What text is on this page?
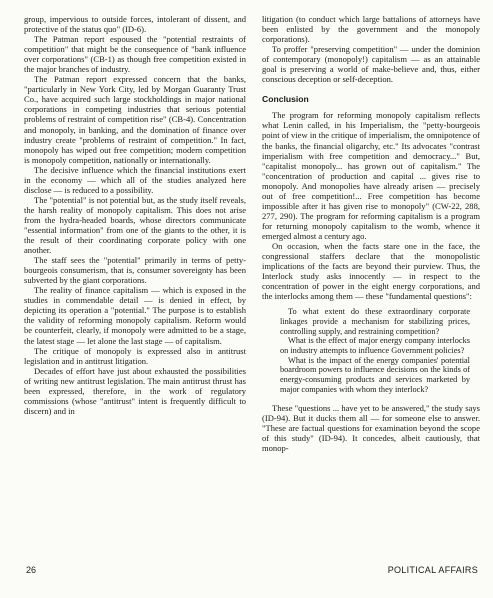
group, impervious to outside forces, intolerant of dissent, and protective of the status quo" (ID-6).

The Patman report espoused the "potential restraints of competition" that might be the consequence of "bank influence over corporations" (CB-1) as though free competition existed in the major branches of industry.

The Patman report expressed concern that the banks, "particularly in New York City, led by Morgan Guaranty Trust Co., have acquired such large stockholdings in major national corporations in competing industries that serious potential problems of restraint of competition rise" (CB-4). Concentration and monopoly, in banking, and the domination of finance over industry create "problems of restraint of competition." In fact, monopoly has wiped out free competition; modern competition is monopoly competition, nationally or internationally.

The decisive influence which the financial institutions exert in the economy — which all of the studies analyzed here disclose — is reduced to a possibility.

The "potential" is not potential but, as the study itself reveals, the harsh reality of monopoly capitalism. This does not arise from the hydra-headed boards, whose directors communicate "essential information" from one of the giants to the other, it is the result of their coordinating corporate policy with one another.

The staff sees the "potential" primarily in terms of petty-bourgeois consumerism, that is, consumer sovereignty has been subverted by the giant corporations.

The reality of finance capitalism — which is exposed in the studies in commendable detail — is denied in effect, by depicting its operation a "potential." The purpose is to establish the validity of reforming monopoly capitalism. Reform would be counterfeit, clearly, if monopoly were admitted to be a stage, the latest stage — let alone the last stage — of capitalism.

The critique of monopoly is expressed also in antitrust legislation and in antitrust litigation.

Decades of effort have just about exhausted the possibilities of writing new antitrust legislation. The main antitrust thrust has been expressed, therefore, in the work of regulatory commissions (whose "antitrust" intent is frequently difficult to discern) and in

litigation (to conduct which large battalions of attorneys have been enlisted by the government and the monopoly corporations).

To proffer "preserving competition" — under the dominion of contemporary (monopoly!) capitalism — as an attainable goal is preserving a world of make-believe and, thus, either conscious deception or self-deception.

Conclusion

The program for reforming monopoly capitalism reflects what Lenin called, in his Imperialism, the "petty-bourgeois point of view in the critique of imperialism, the omnipotence of the banks, the financial oligarchy, etc." Its advocates "contrast imperialism with free competition and democracy..." But, "capitalist monopoly... has grown out of capitalism." The "concentration of production and capital ... gives rise to monopoly. And monopolies have already arisen — precisely out of free competition!... Free competition has become impossible after it has given rise to monopoly" (CW-22, 288, 277, 290). The program for reforming capitalism is a program for returning monopoly capitalism to the womb, whence it emerged almost a century ago.

On occasion, when the facts stare one in the face, the congressional staffers declare that the monopolistic implications of the facts are beyond their purview. Thus, the Interlock study asks innocently — in respect to the concentration of power in the eight energy corporations, and the interlocks among them — these "fundamental questions":

To what extent do these extraordinary corporate linkages provide a mechanism for stabilizing prices, controlling supply, and restraining competition?

What is the effect of major energy company interlocks on industry attempts to influence Government policies?

What is the impact of the energy companies' potential boardroom powers to influence decisions on the kinds of energy-consuming products and services marketed by major companies with whom they interlock?

These "questions ... have yet to be answered," the study says (ID-94). But it ducks them all — for someone else to answer. "These are factual questions for examination beyond the scope of this study" (ID-94). It concedes, albeit cautiously, that monop-

26	POLITICAL AFFAIRS
